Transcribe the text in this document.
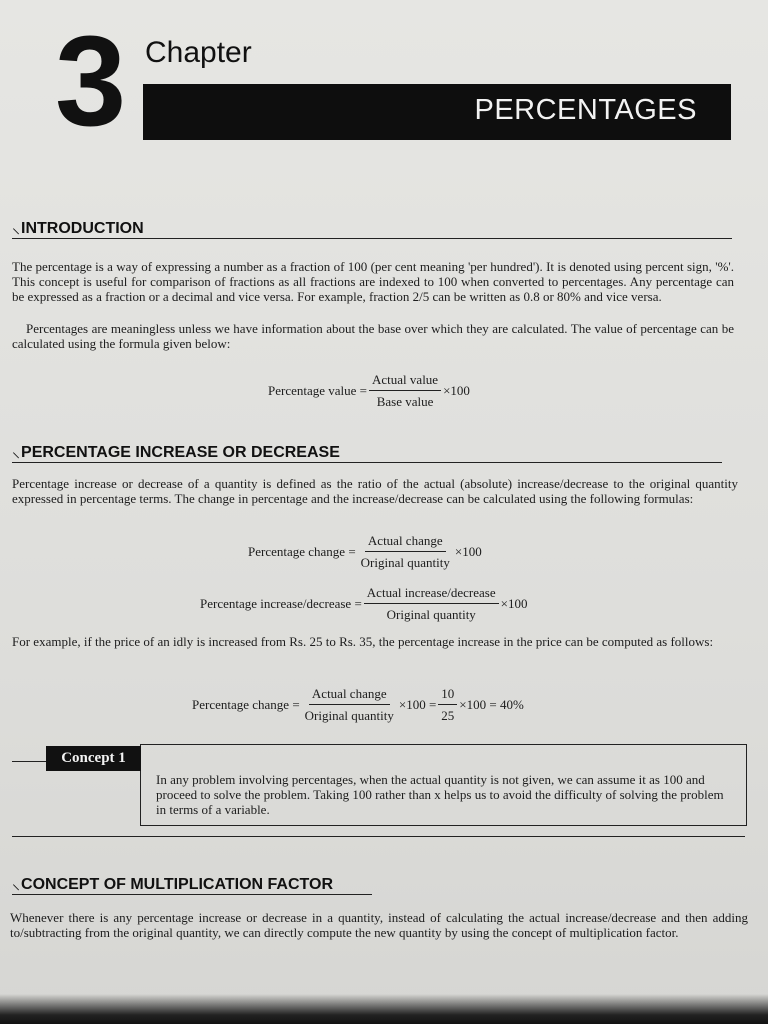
3 Chapter
PERCENTAGES
⸜INTRODUCTION
The percentage is a way of expressing a number as a fraction of 100 (per cent meaning 'per hundred'). It is denoted using percent sign, '%'. This concept is useful for comparison of fractions as all fractions are indexed to 100 when converted to percentages. Any percentage can be expressed as a fraction or a decimal and vice versa. For example, fraction 2/5 can be written as 0.8 or 80% and vice versa.
Percentages are meaningless unless we have information about the base over which they are calculated. The value of percentage can be calculated using the formula given below:
Percentage value = $\frac{\text{Actual value}}{\text{Base value}} \times 100$
⸜PERCENTAGE INCREASE OR DECREASE
Percentage increase or decrease of a quantity is defined as the ratio of the actual (absolute) increase/decrease to the original quantity expressed in percentage terms. The change in percentage and the increase/decrease can be calculated using the following formulas:
Percentage change = $\frac{\text{Actual change}}{\text{Original quantity}} \times 100$
Percentage increase/decrease = $\frac{\text{Actual increase/decrease}}{\text{Original quantity}} \times 100$
For example, if the price of an idly is increased from Rs. 25 to Rs. 35, the percentage increase in the price can be computed as follows:
Percentage change = $\frac{\text{Actual change}}{\text{Original quantity}} \times 100 = \frac{10}{25} \times 100 = 40\%$
Concept 1
In any problem involving percentages, when the actual quantity is not given, we can assume it as 100 and proceed to solve the problem. Taking 100 rather than x helps us to avoid the difficulty of solving the problem in terms of a variable.
⸜CONCEPT OF MULTIPLICATION FACTOR
Whenever there is any percentage increase or decrease in a quantity, instead of calculating the actual increase/decrease and then adding to/subtracting from the original quantity, we can directly compute the new quantity by using the concept of multiplication factor.
